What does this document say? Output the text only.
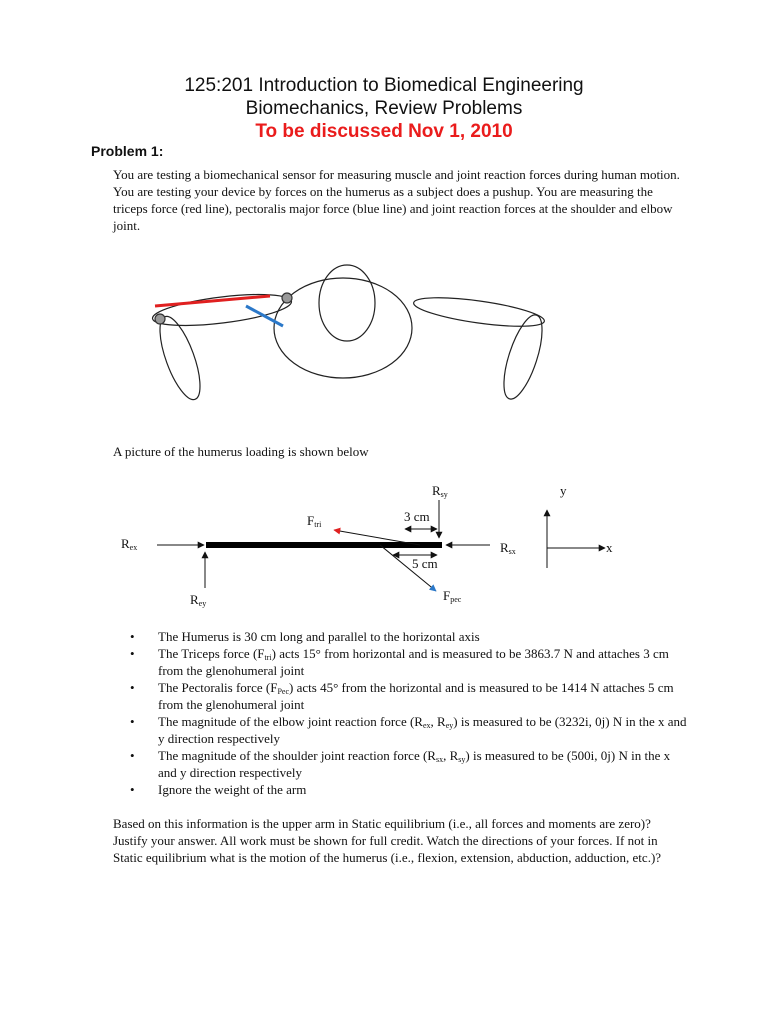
125:201 Introduction to Biomedical Engineering
Biomechanics, Review Problems
To be discussed Nov 1, 2010
Problem 1:
You are testing a biomechanical sensor for measuring muscle and joint reaction forces during human motion. You are testing your device by forces on the humerus as a subject does a pushup. You are measuring the triceps force (red line), pectoralis major force (blue line) and joint reaction forces at the shoulder and elbow joint.
A picture of the humerus loading is shown below
Rex
Rey
Rsy
Rsx
Ftri
Fpec
3 cm
5 cm
y
x
• The Humerus is 30 cm long and parallel to the horizontal axis
• The Triceps force $(F_{tri})$ acts 15° from horizontal and is measured to be 3863.7 N and attaches 3 cm from the glenohumeral joint
• The Pectoralis force $(F_{Pec})$ acts 45° from the horizontal and is measured to be 1414 N attaches 5 cm from the glenohumeral joint
• The magnitude of the elbow joint reaction force ($R_{ex}$, $R_{ey}$) is measured to be (3232i, 0j) N in the x and y direction respectively
• The magnitude of the shoulder joint reaction force ($R_{sx}$, $R_{sy}$) is measured to be (500i, 0j) N in the x and y direction respectively
• Ignore the weight of the arm
Based on this information is the upper arm in Static equilibrium (i.e., all forces and moments are zero)? Justify your answer. All work must be shown for full credit. Watch the directions of your forces. If not in Static equilibrium what is the motion of the humerus (i.e., flexion, extension, abduction, adduction, etc.)?
